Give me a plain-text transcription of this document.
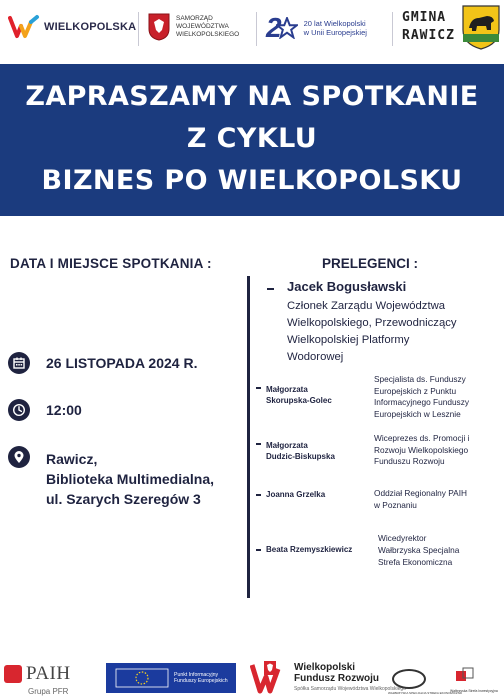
WIELKOPOLSKA
SAMORZĄD
WOJEWÓDZTWA
WIELKOPOLSKIEGO 2	20 lat Wielkopolski
w Unii Europejskiej
GMINA
RAWICZ
ZAPRASZAMY NA SPOTKANIE
Z CYKLU
BIZNES PO WIELKOPOLSKU
DATA I MIEJSCE SPOTKANIA :
26 LISTOPADA 2024 R.
12:00
Rawicz,
Biblioteka Multimedialna,
ul. Szarych Szeregów 3
PRELEGENCI :
Jacek Bogusławski
Członek Zarządu Województwa
Wielkopolskiego, Przewodniczący
Wielkopolskiej Platformy
Wodorowej
Małgorzata
Skorupska-Golec
Specjalista ds. Funduszy
Europejskich z Punktu
Informacyjnego Funduszy
Europejskich w Lesznie
Małgorzata
Dudzic-Biskupska
Wiceprezes ds. Promocji i
Rozwoju Wielkopolskiego
Funduszu Rozwoju
Joanna Grzelka	Oddział Regionalny PAIH
w Poznaniu
Beata Rzemyszkiewicz
Wicedyrektor
Wałbrzyska Specjalna
Strefa Ekonomiczna
PAIH
Grupa PFR
Punkt Informacyjny
Funduszy Europejskich
Wielkopolski
Fundusz Rozwoju
Spółka Samorządu Województwa Wielkopolskiego
WAŁBRZYSKA SPECJALNA STREFA EKONOMICZNA
Wałbrzyska Strefa Inwestycyjna
